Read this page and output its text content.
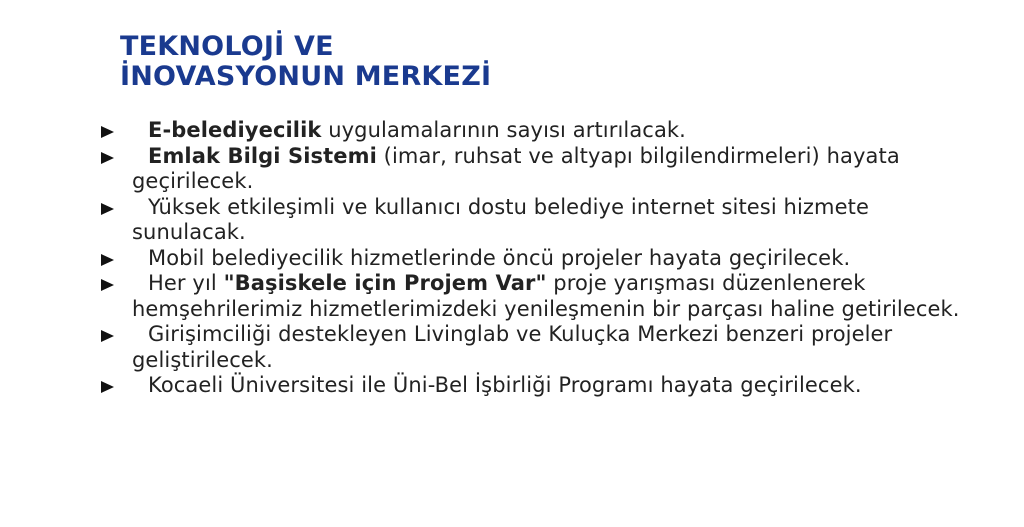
TEKNOLOJİ VE
İNOVASYONUN MERKEZİ
E-belediyecilik uygulamalarının sayısı artırılacak.
Emlak Bilgi Sistemi (imar, ruhsat ve altyapı bilgilendirmeleri) hayata geçirilecek.
Yüksek etkileşimli ve kullanıcı dostu belediye internet sitesi hizmete sunulacak.
Mobil belediyecilik hizmetlerinde öncü projeler hayata geçirilecek.
Her yıl "Başiskele için Projem Var" proje yarışması düzenlenerek hemşehrilerimiz hizmetlerimizdeki yenileşmenin bir parçası haline getirilecek.
Girişimciliği destekleyen Livinglab ve Kuluçka Merkezi benzeri projeler geliştirilecek.
Kocaeli Üniversitesi ile Üni-Bel İşbirliği Programı hayata geçirilecek.
